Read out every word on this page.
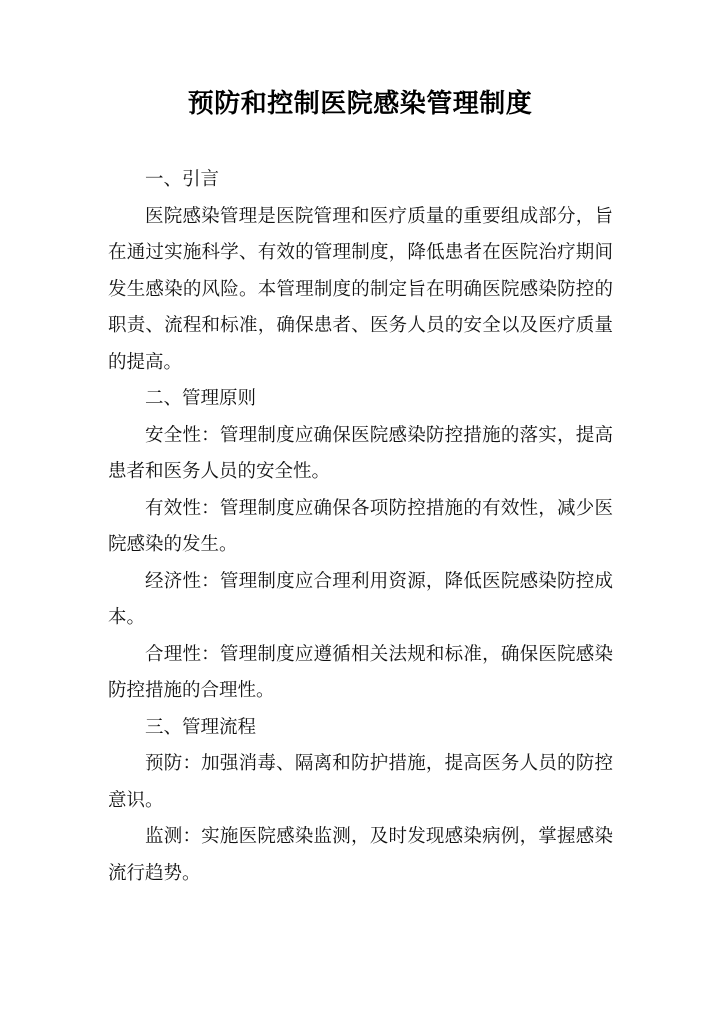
预防和控制医院感染管理制度

一、引言

医院感染管理是医院管理和医疗质量的重要组成部分，旨在通过实施科学、有效的管理制度，降低患者在医院治疗期间发生感染的风险。本管理制度的制定旨在明确医院感染防控的职责、流程和标准，确保患者、医务人员的安全以及医疗质量的提高。

二、管理原则

安全性：管理制度应确保医院感染防控措施的落实，提高患者和医务人员的安全性。

有效性：管理制度应确保各项防控措施的有效性，减少医院感染的发生。

经济性：管理制度应合理利用资源，降低医院感染防控成本。

合理性：管理制度应遵循相关法规和标准，确保医院感染防控措施的合理性。

三、管理流程

预防：加强消毒、隔离和防护措施，提高医务人员的防控意识。

监测：实施医院感染监测，及时发现感染病例，掌握感染流行趋势。
